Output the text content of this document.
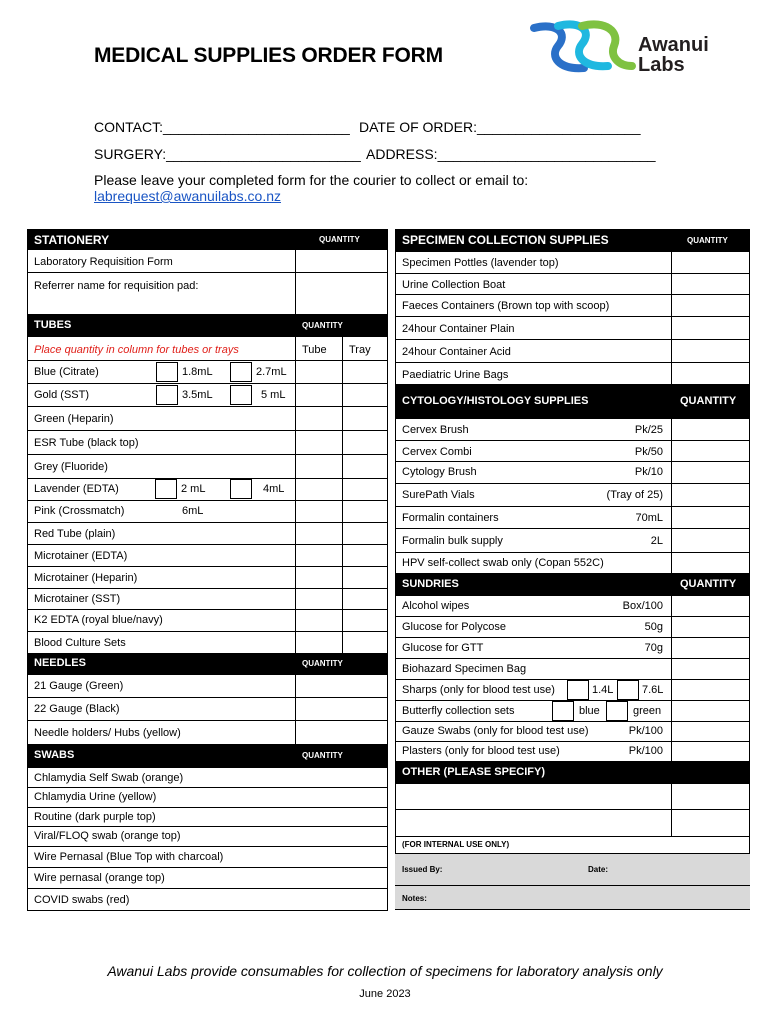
MEDICAL SUPPLIES ORDER FORM	Awanui
Labs
CONTACT:________________________ DATE OF ORDER:_____________________
SURGERY:_________________________ ADDRESS:____________________________
Please leave your completed form for the courier to collect or email to:
labrequest@awanuilabs.co.nz
STATIONERY	QUANTITY
Laboratory Requisition Form
Referrer name for requisition pad:
TUBES	QUANTITY
Place quantity in column for tubes or trays	Tube Tray
Blue (Citrate)	1.8mL	2.7mL
Gold (SST)	3.5mL	5 mL
Green (Heparin)
ESR Tube (black top)
Grey (Fluoride)
Lavender (EDTA)	2 mL	4mL
Pink (Crossmatch)	6mL
Red Tube (plain)
Microtainer (EDTA)
Microtainer (Heparin)
Microtainer (SST)
K2 EDTA (royal blue/navy)
Blood Culture Sets
NEEDLES	QUANTITY
21 Gauge (Green)
22 Gauge (Black)
Needle holders/ Hubs (yellow)
SWABS	QUANTITY
Chlamydia Self Swab (orange)
Chlamydia Urine (yellow)
Routine (dark purple top)
Viral/FLOQ swab (orange top)
Wire Pernasal (Blue Top with charcoal)
Wire pernasal (orange top)
COVID swabs (red)
SPECIMEN COLLECTION SUPPLIES	QUANTITY
Specimen Pottles (lavender top)
Urine Collection Boat
Faeces Containers (Brown top with scoop)
24hour Container Plain
24hour Container Acid
Paediatric Urine Bags
CYTOLOGY/HISTOLOGY SUPPLIES	QUANTITY
Cervex Brush	Pk/25
Cervex Combi	Pk/50
Cytology Brush	Pk/10
SurePath Vials	(Tray of 25)
Formalin containers	70mL
Formalin bulk supply	2L
HPV self-collect swab only (Copan 552C)
SUNDRIES	QUANTITY
Alcohol wipes	Box/100
Glucose for Polycose	50g
Glucose for GTT	70g
Biohazard Specimen Bag
Sharps (only for blood test use)	1.4L	7.6L
Butterfly collection sets	blue	green
Gauze Swabs (only for blood test use)	Pk/100
Plasters (only for blood test use)	Pk/100
OTHER (PLEASE SPECIFY)
(FOR INTERNAL USE ONLY)
Issued By:	Date:
Notes:
Awanui Labs provide consumables for collection of specimens for laboratory analysis only
June 2023
